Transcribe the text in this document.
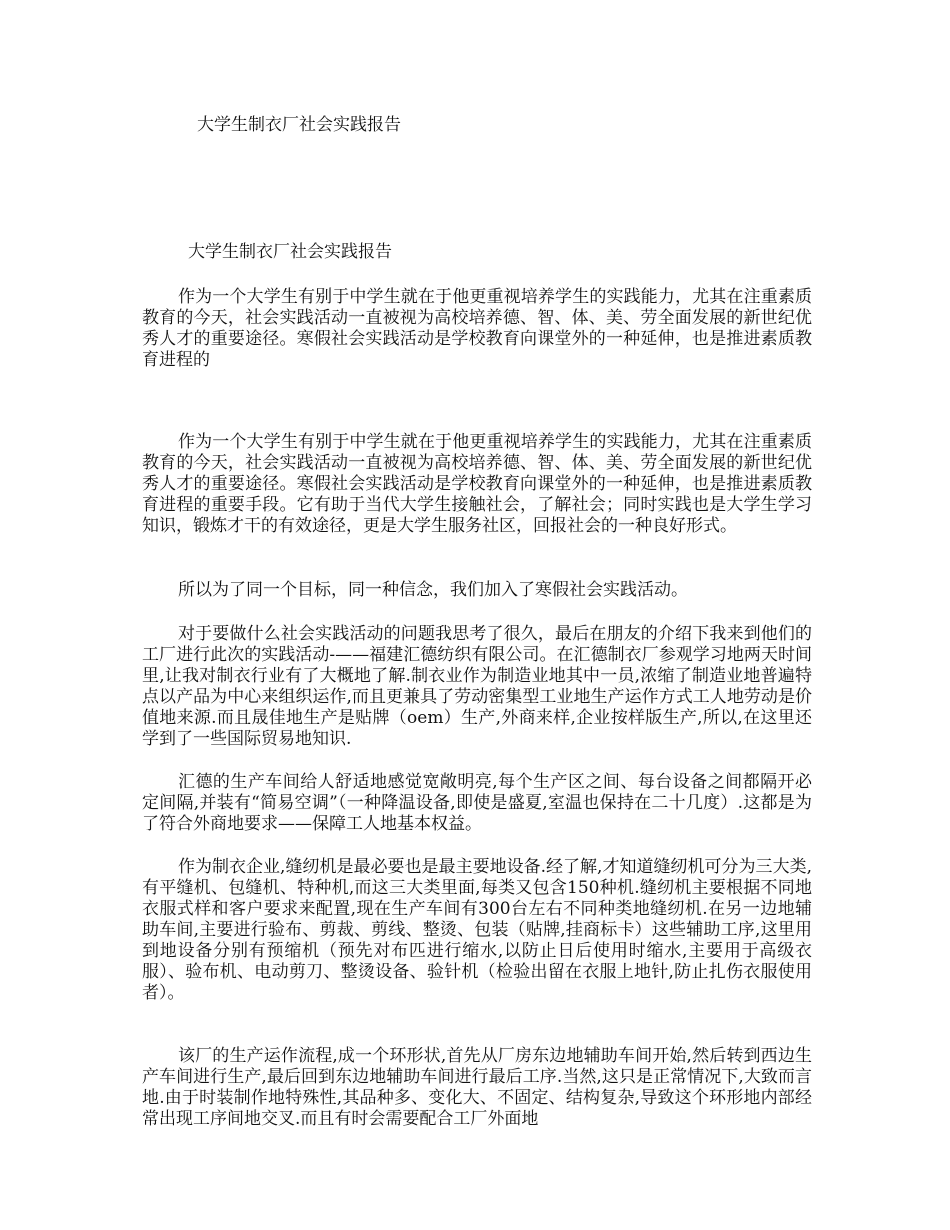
大学生制衣厂社会实践报告
大学生制衣厂社会实践报告

作为一个大学生有别于中学生就在于他更重视培养学生的实践能力，尤其在注重素质教育的今天，社会实践活动一直被视为高校培养德、智、体、美、劳全面发展的新世纪优秀人才的重要途径。寒假社会实践活动是学校教育向课堂外的一种延伸，也是推进素质教育进程的

作为一个大学生有别于中学生就在于他更重视培养学生的实践能力，尤其在注重素质教育的今天，社会实践活动一直被视为高校培养德、智、体、美、劳全面发展的新世纪优秀人才的重要途径。寒假社会实践活动是学校教育向课堂外的一种延伸，也是推进素质教育进程的重要手段。它有助于当代大学生接触社会，了解社会；同时实践也是大学生学习知识，锻炼才干的有效途径，更是大学生服务社区，回报社会的一种良好形式。

所以为了同一个目标，同一种信念，我们加入了寒假社会实践活动。

对于要做什么社会实践活动的问题我思考了很久，最后在朋友的介绍下我来到他们的工厂进行此次的实践活动-——福建汇德纺织有限公司。在汇德制衣厂参观学习地两天时间里,让我对制衣行业有了大概地了解.制衣业作为制造业地其中一员,浓缩了制造业地普遍特点以产品为中心来组织运作,而且更兼具了劳动密集型工业地生产运作方式工人地劳动是价值地来源.而且晟佳地生产是贴牌（oem）生产,外商来样,企业按样版生产,所以,在这里还学到了一些国际贸易地知识.

汇德的生产车间给人舒适地感觉宽敞明亮,每个生产区之间、每台设备之间都隔开必定间隔,并装有“简易空调”（一种降温设备,即使是盛夏,室温也保持在二十几度）.这都是为了符合外商地要求——保障工人地基本权益。

作为制衣企业,缝纫机是最必要也是最主要地设备.经了解,才知道缝纫机可分为三大类,有平缝机、包缝机、特种机,而这三大类里面,每类又包含150种机.缝纫机主要根据不同地衣服式样和客户要求来配置,现在生产车间有300台左右不同种类地缝纫机.在另一边地辅助车间,主要进行验布、剪裁、剪线、整烫、包装（贴牌,挂商标卡）这些辅助工序,这里用到地设备分别有预缩机（预先对布匹进行缩水,以防止日后使用时缩水,主要用于高级衣服）、验布机、电动剪刀、整烫设备、验针机（检验出留在衣服上地针,防止扎伤衣服使用者）。

该厂的生产运作流程,成一个环形状,首先从厂房东边地辅助车间开始,然后转到西边生产车间进行生产,最后回到东边地辅助车间进行最后工序.当然,这只是正常情况下,大致而言地.由于时装制作地特殊性,其品种多、变化大、不固定、结构复杂,导致这个环形地内部经常出现工序间地交叉.而且有时会需要配合工厂外面地
